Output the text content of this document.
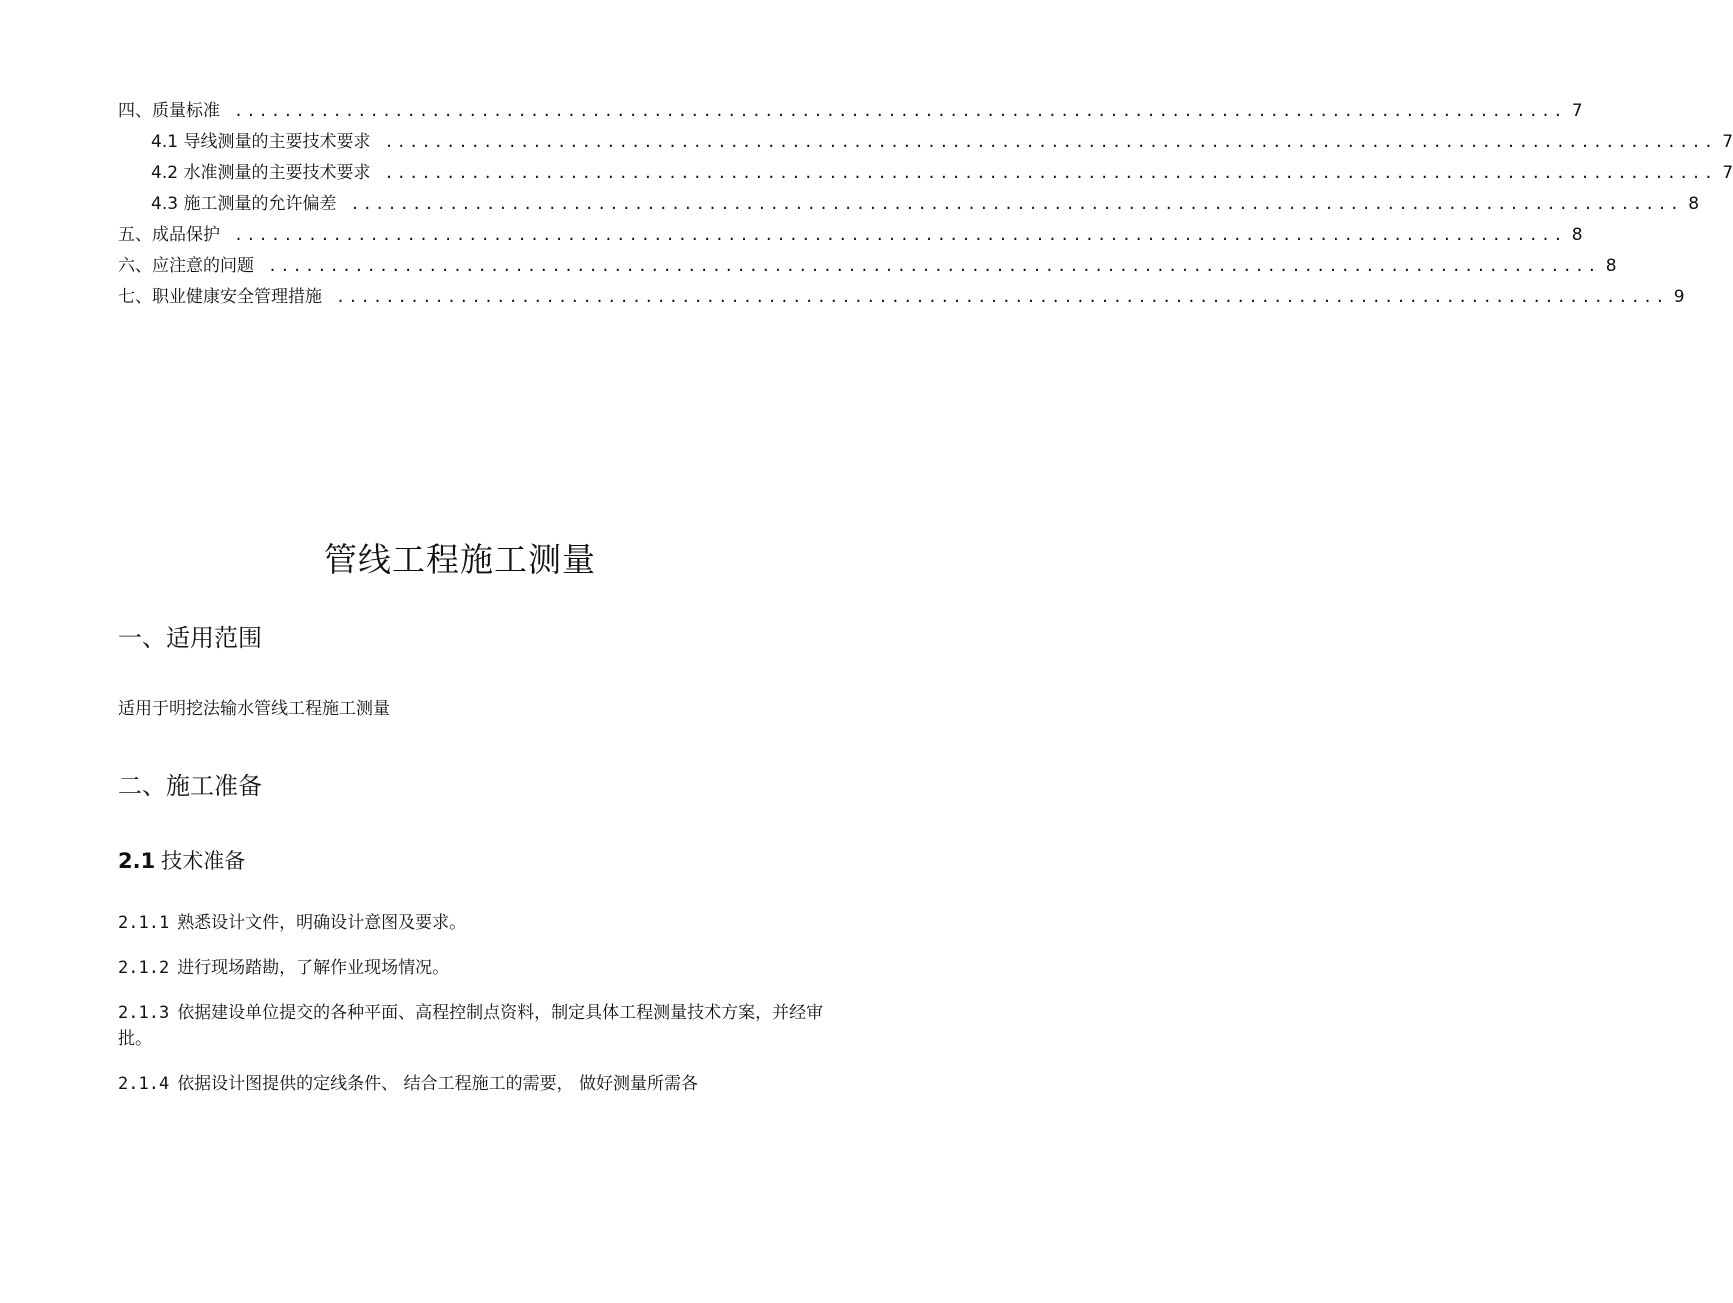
四、质量标准 ............................................................................................................ 7
4.1 导线测量的主要技术要求 ............................................................................................................ 7
4.2 水准测量的主要技术要求 ............................................................................................................ 7
4.3 施工测量的允许偏差 ............................................................................................................ 8
五、成品保护 ............................................................................................................ 8
六、应注意的问题 ............................................................................................................ 8
七、职业健康安全管理措施 ............................................................................................................ 9
管线工程施工测量
一、适用范围
适用于明挖法输水管线工程施工测量
二、施工准备
2.1 技术准备
2.1.1 熟悉设计文件，明确设计意图及要求。
2.1.2 进行现场踏勘，了解作业现场情况。
2.1.3 依据建设单位提交的各种平面、高程控制点资料，制定具体工程测量技术方案，并经审批。
2.1.4 依据设计图提供的定线条件、 结合工程施工的需要， 做好测量所需各
